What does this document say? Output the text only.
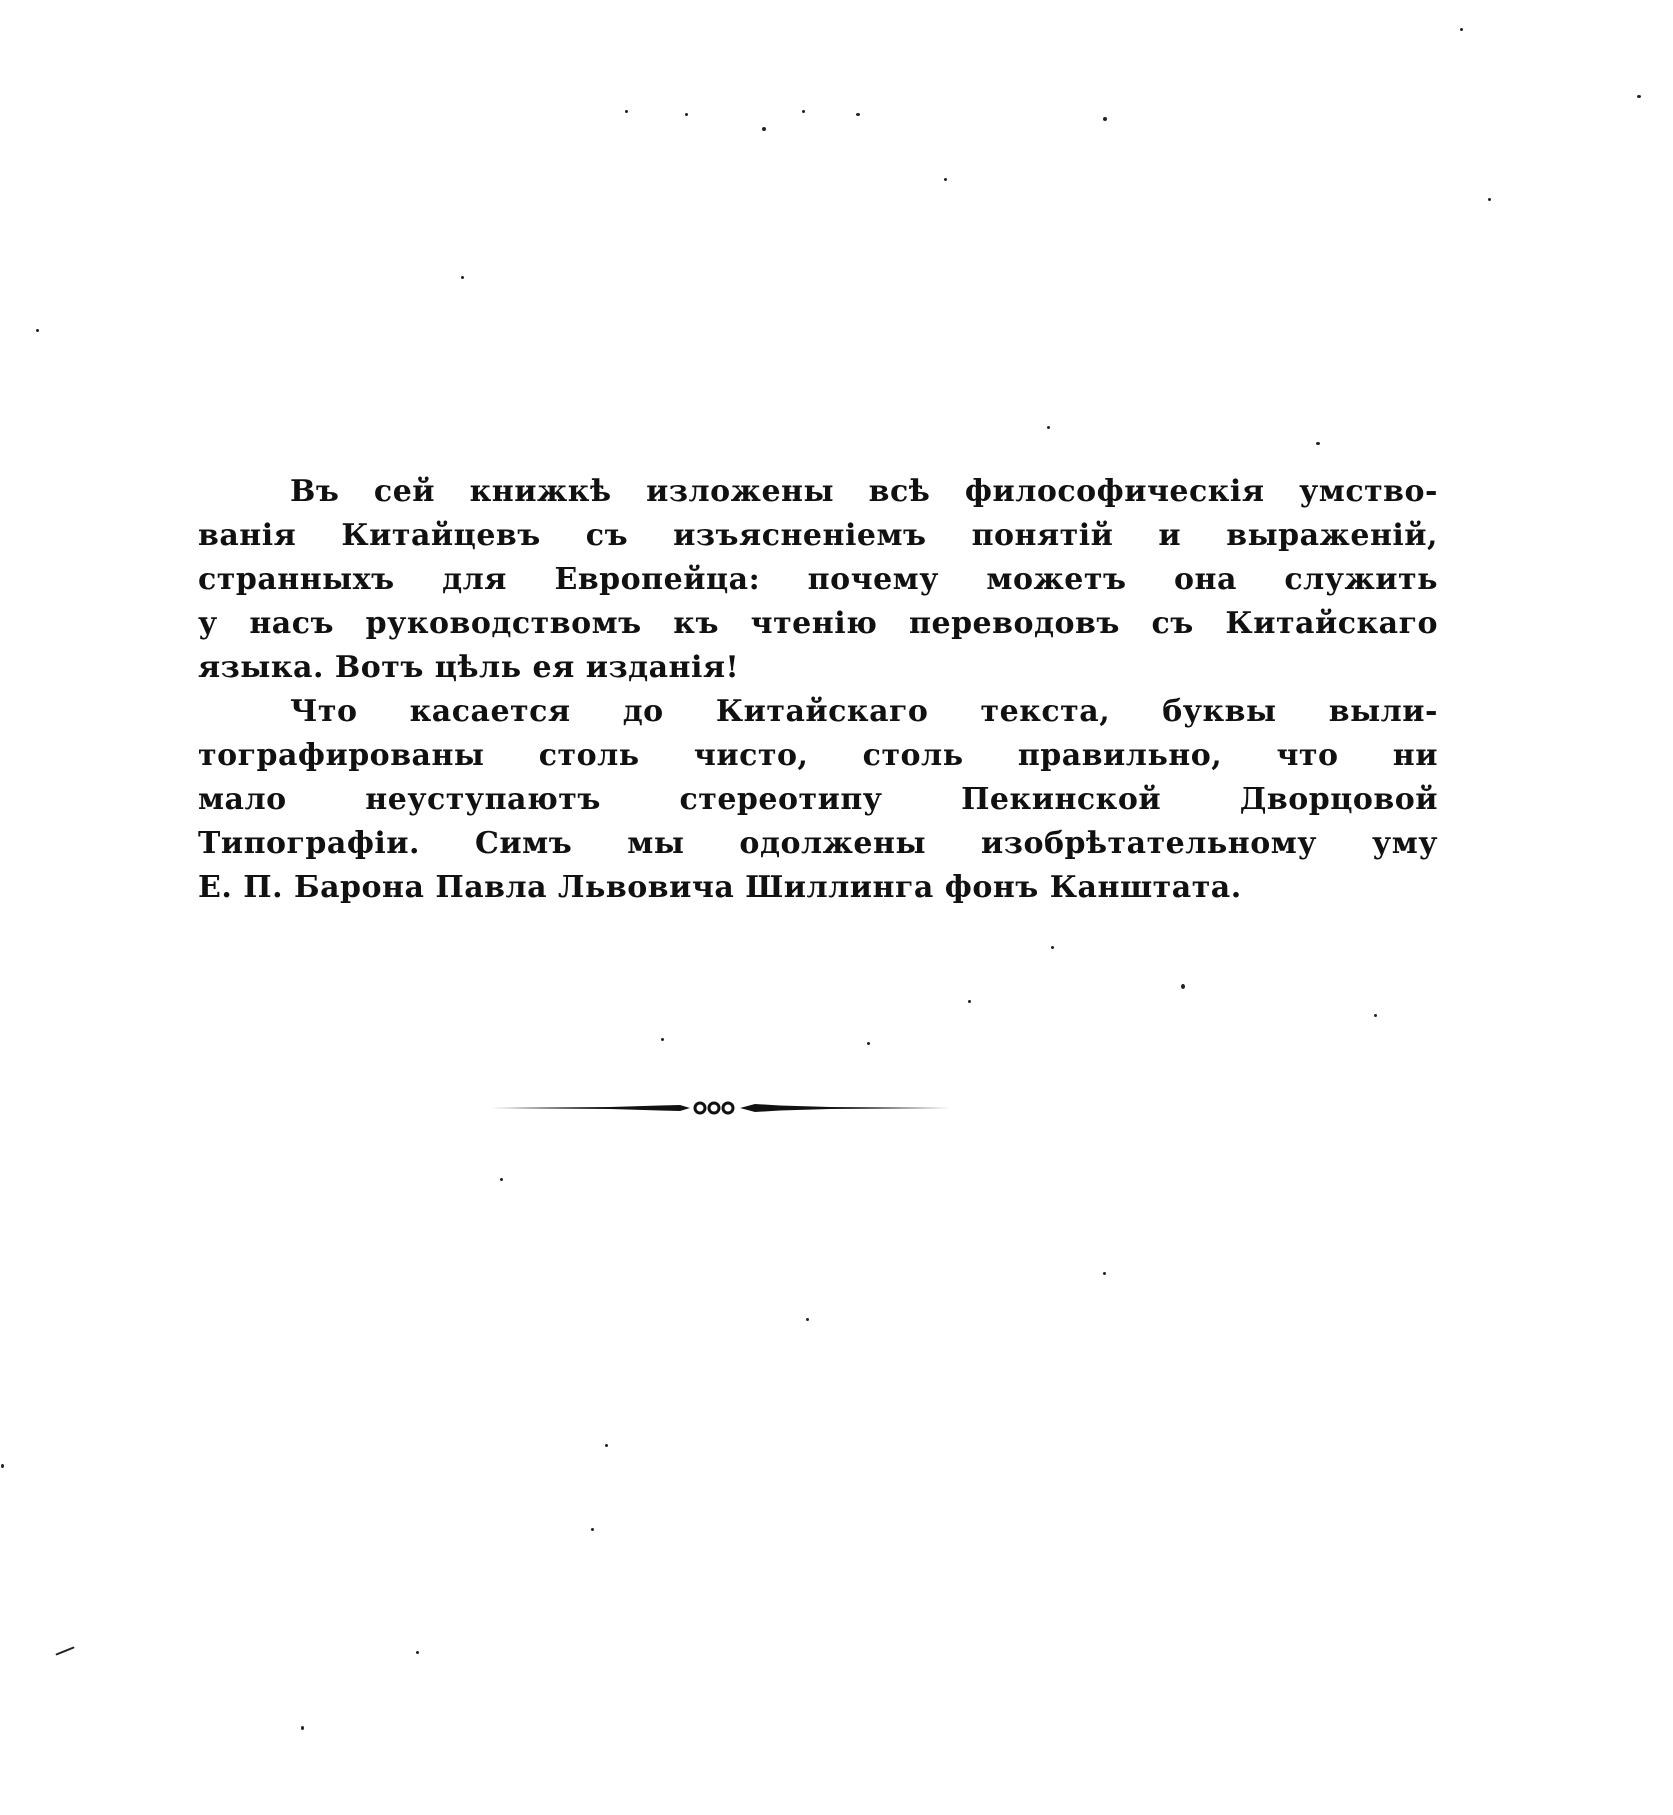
Въ сей книжкѣ изложены всѣ философическія умство-
ванія Китайцевъ съ изъясненіемъ понятій и выраженій,
странныхъ для Европейца: почему можетъ она служить
у насъ руководствомъ къ чтенію переводовъ съ Китайскаго
языка. Вотъ цѣль ея изданія!
Что касается до Китайскаго текста, буквы выли-
тографированы столь чисто, столь правильно, что ни
мало неуступаютъ стереотипу Пекинской Дворцовой
Типографіи. Симъ мы одолжены изобрѣтательному уму
Е. П. Барона Павла Львовича Шиллинга фонъ Канштата.
